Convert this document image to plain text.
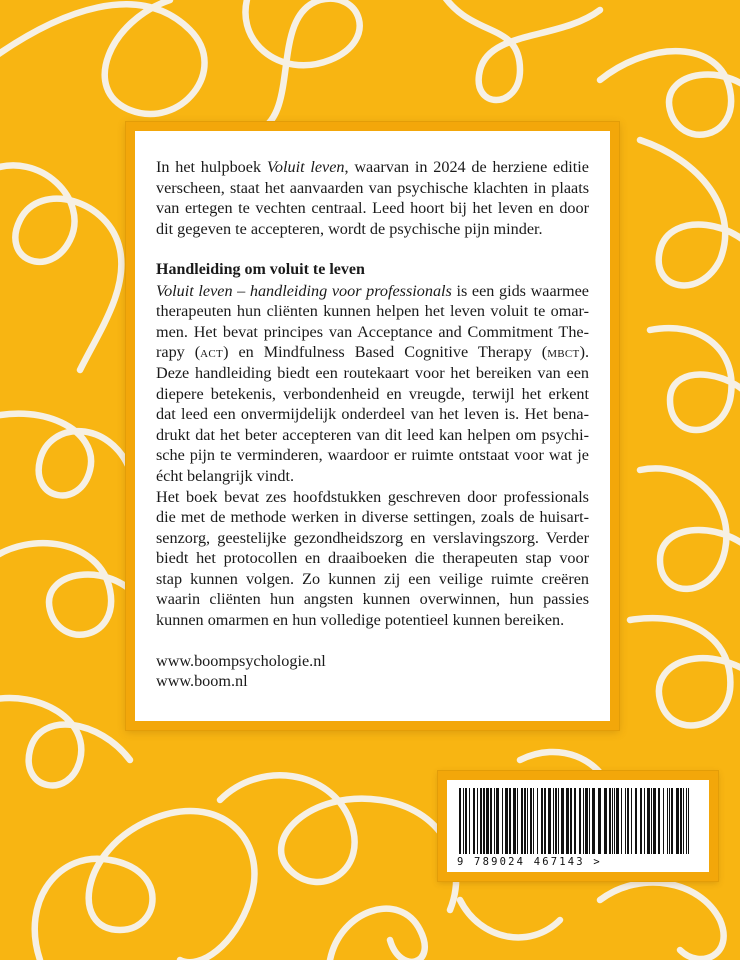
In het hulpboek Voluit leven, waarvan in 2024 de herziene editie
verscheen, staat het aanvaarden van psychische klachten in plaats
van ertegen te vechten centraal. Leed hoort bij het leven en door
dit gegeven te accepteren, wordt de psychische pijn minder.
Handleiding om voluit te leven
Voluit leven – handleiding voor professionals is een gids waarmee
therapeuten hun cliënten kunnen helpen het leven voluit te omar-
men. Het bevat principes van Acceptance and Commitment The-
rapy (act) en Mindfulness Based Cognitive Therapy (mbct).
Deze handleiding biedt een routekaart voor het bereiken van een
diepere betekenis, verbondenheid en vreugde, terwijl het erkent
dat leed een onvermijdelijk onderdeel van het leven is. Het bena-
drukt dat het beter accepteren van dit leed kan helpen om psychi-
sche pijn te verminderen, waardoor er ruimte ontstaat voor wat je
écht belangrijk vindt.
Het boek bevat zes hoofdstukken geschreven door professionals
die met de methode werken in diverse settingen, zoals de huisart-
senzorg, geestelijke gezondheidszorg en verslavingszorg. Verder
biedt het protocollen en draaiboeken die therapeuten stap voor
stap kunnen volgen. Zo kunnen zij een veilige ruimte creëren
waarin cliënten hun angsten kunnen overwinnen, hun passies
kunnen omarmen en hun volledige potentieel kunnen bereiken.
www.boompsychologie.nl
www.boom.nl
9 789024 467143 >
